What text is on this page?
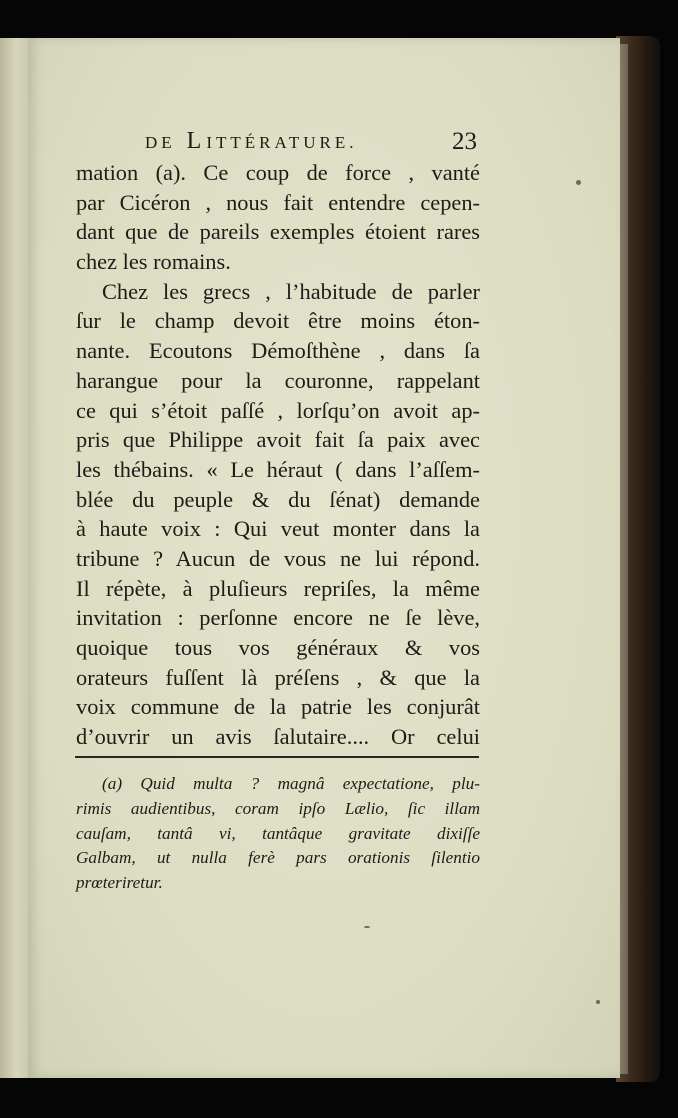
DE LITTÉRATURE.	23
mation (a). Ce coup de force , vanté
par Cicéron , nous fait entendre cepen-
dant que de pareils exemples étoient rares
chez les romains.
Chez les grecs , l’habitude de parler
ſur le champ devoit être moins éton-
nante. Ecoutons Démoſthène , dans ſa
harangue pour la couronne, rappelant
ce qui s’étoit paſſé , lorſqu’on avoit ap-
pris que Philippe avoit fait ſa paix avec
les thébains. « Le héraut ( dans l’aſſem-
blée du peuple & du ſénat) demande
à haute voix : Qui veut monter dans la
tribune ? Aucun de vous ne lui répond.
Il répète, à pluſieurs repriſes, la même
invitation : perſonne encore ne ſe lève,
quoique tous vos généraux & vos
orateurs fuſſent là préſens , & que la
voix commune de la patrie les conjurât
d’ouvrir un avis ſalutaire.... Or celui
(a) Quid multa ? magnâ expectatione, plu-
rimis audientibus, coram ipſo Lælio, ſic illam
cauſam, tantâ vi, tantâque gravitate dixiſſe
Galbam, ut nulla ferè pars orationis ſilentio
prœteriretur.
